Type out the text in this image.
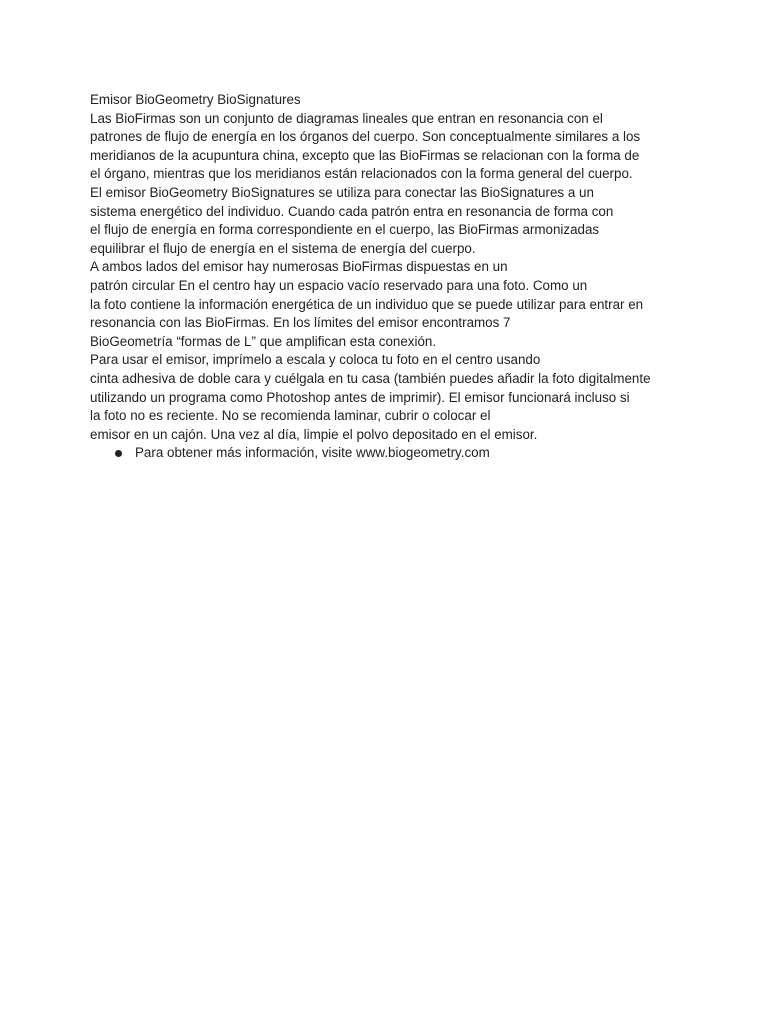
Emisor BioGeometry BioSignatures
Las BioFirmas son un conjunto de diagramas lineales que entran en resonancia con el
patrones de flujo de energía en los órganos del cuerpo. Son conceptualmente similares a los
meridianos de la acupuntura china, excepto que las BioFirmas se relacionan con la forma de
el órgano, mientras que los meridianos están relacionados con la forma general del cuerpo.
El emisor BioGeometry BioSignatures se utiliza para conectar las BioSignatures a un
sistema energético del individuo. Cuando cada patrón entra en resonancia de forma con
el flujo de energía en forma correspondiente en el cuerpo, las BioFirmas armonizadas
equilibrar el flujo de energía en el sistema de energía del cuerpo.
A ambos lados del emisor hay numerosas BioFirmas dispuestas en un
patrón circular En el centro hay un espacio vacío reservado para una foto. Como un
la foto contiene la información energética de un individuo que se puede utilizar para entrar en
resonancia con las BioFirmas. En los límites del emisor encontramos 7
BioGeometría “formas de L” que amplifican esta conexión.
Para usar el emisor, imprímelo a escala y coloca tu foto en el centro usando
cinta adhesiva de doble cara y cuélgala en tu casa (también puedes añadir la foto digitalmente
utilizando un programa como Photoshop antes de imprimir). El emisor funcionará incluso si
la foto no es reciente. No se recomienda laminar, cubrir o colocar el
emisor en un cajón. Una vez al día, limpie el polvo depositado en el emisor.
Para obtener más información, visite www.biogeometry.com
